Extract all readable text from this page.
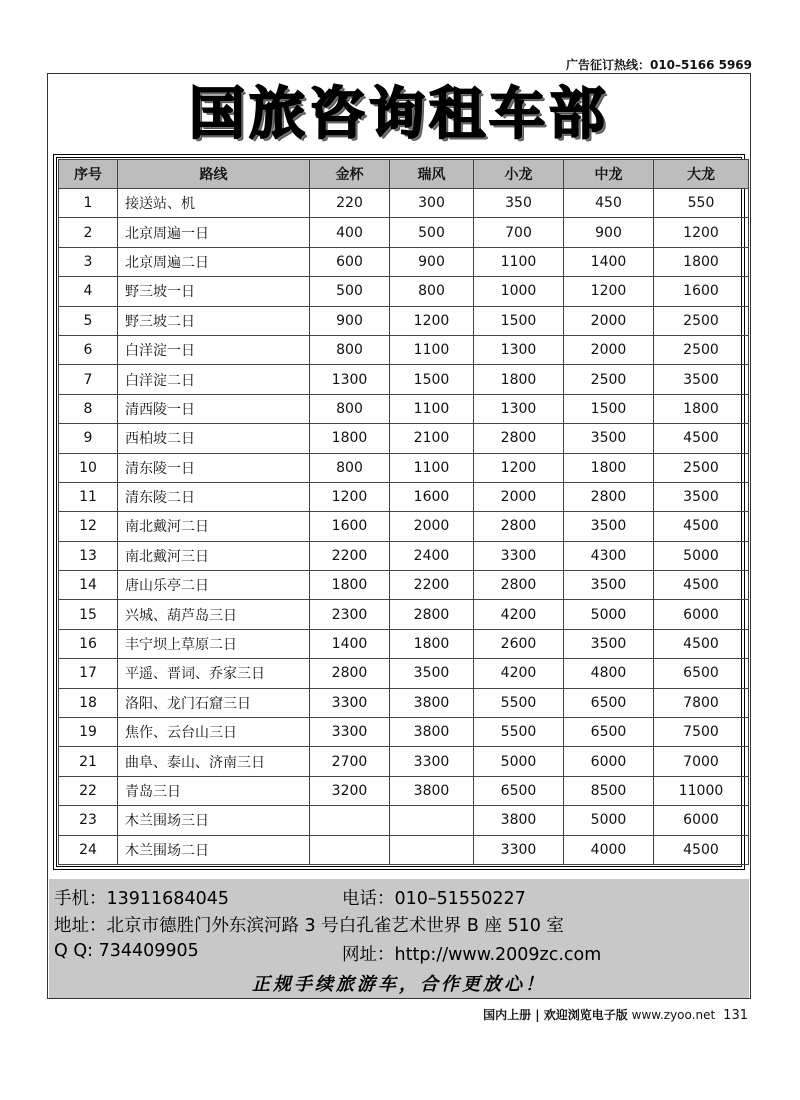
广告征订热线：010–5166 5969
国旅咨询租车部
序号	路线	金杯	瑞风	小龙	中龙	大龙
1	接送站、机	220	300	350	450	550
2	北京周遍一日	400	500	700	900	1200
3	北京周遍二日	600	900	1100	1400	1800
4	野三坡一日	500	800	1000	1200	1600
5	野三坡二日	900	1200	1500	2000	2500
6	白洋淀一日	800	1100	1300	2000	2500
7	白洋淀二日	1300	1500	1800	2500	3500
8	清西陵一日	800	1100	1300	1500	1800
9	西柏坡二日	1800	2100	2800	3500	4500
10	清东陵一日	800	1100	1200	1800	2500
11	清东陵二日	1200	1600	2000	2800	3500
12	南北戴河二日	1600	2000	2800	3500	4500
13	南北戴河三日	2200	2400	3300	4300	5000
14	唐山乐亭二日	1800	2200	2800	3500	4500
15	兴城、葫芦岛三日	2300	2800	4200	5000	6000
16	丰宁坝上草原二日	1400	1800	2600	3500	4500
17	平遥、晋词、乔家三日	2800	3500	4200	4800	6500
18	洛阳、龙门石窟三日	3300	3800	5500	6500	7800
19	焦作、云台山三日	3300	3800	5500	6500	7500
21	曲阜、泰山、济南三日	2700	3300	5000	6000	7000
22	青岛三日	3200	3800	6500	8500	11000
23	木兰围场三日			3800	5000	6000
24	木兰围场二日			3300	4000	4500
手机：13911684045	电话：010–51550227
地址：北京市德胜门外东滨河路 3 号白孔雀艺术世界 B 座 510 室
Q Q: 734409905	网址：http://www.2009zc.com
正规手续旅游车，合作更放心！
国内上册 | 欢迎浏览电子版 www.zyoo.net 131
